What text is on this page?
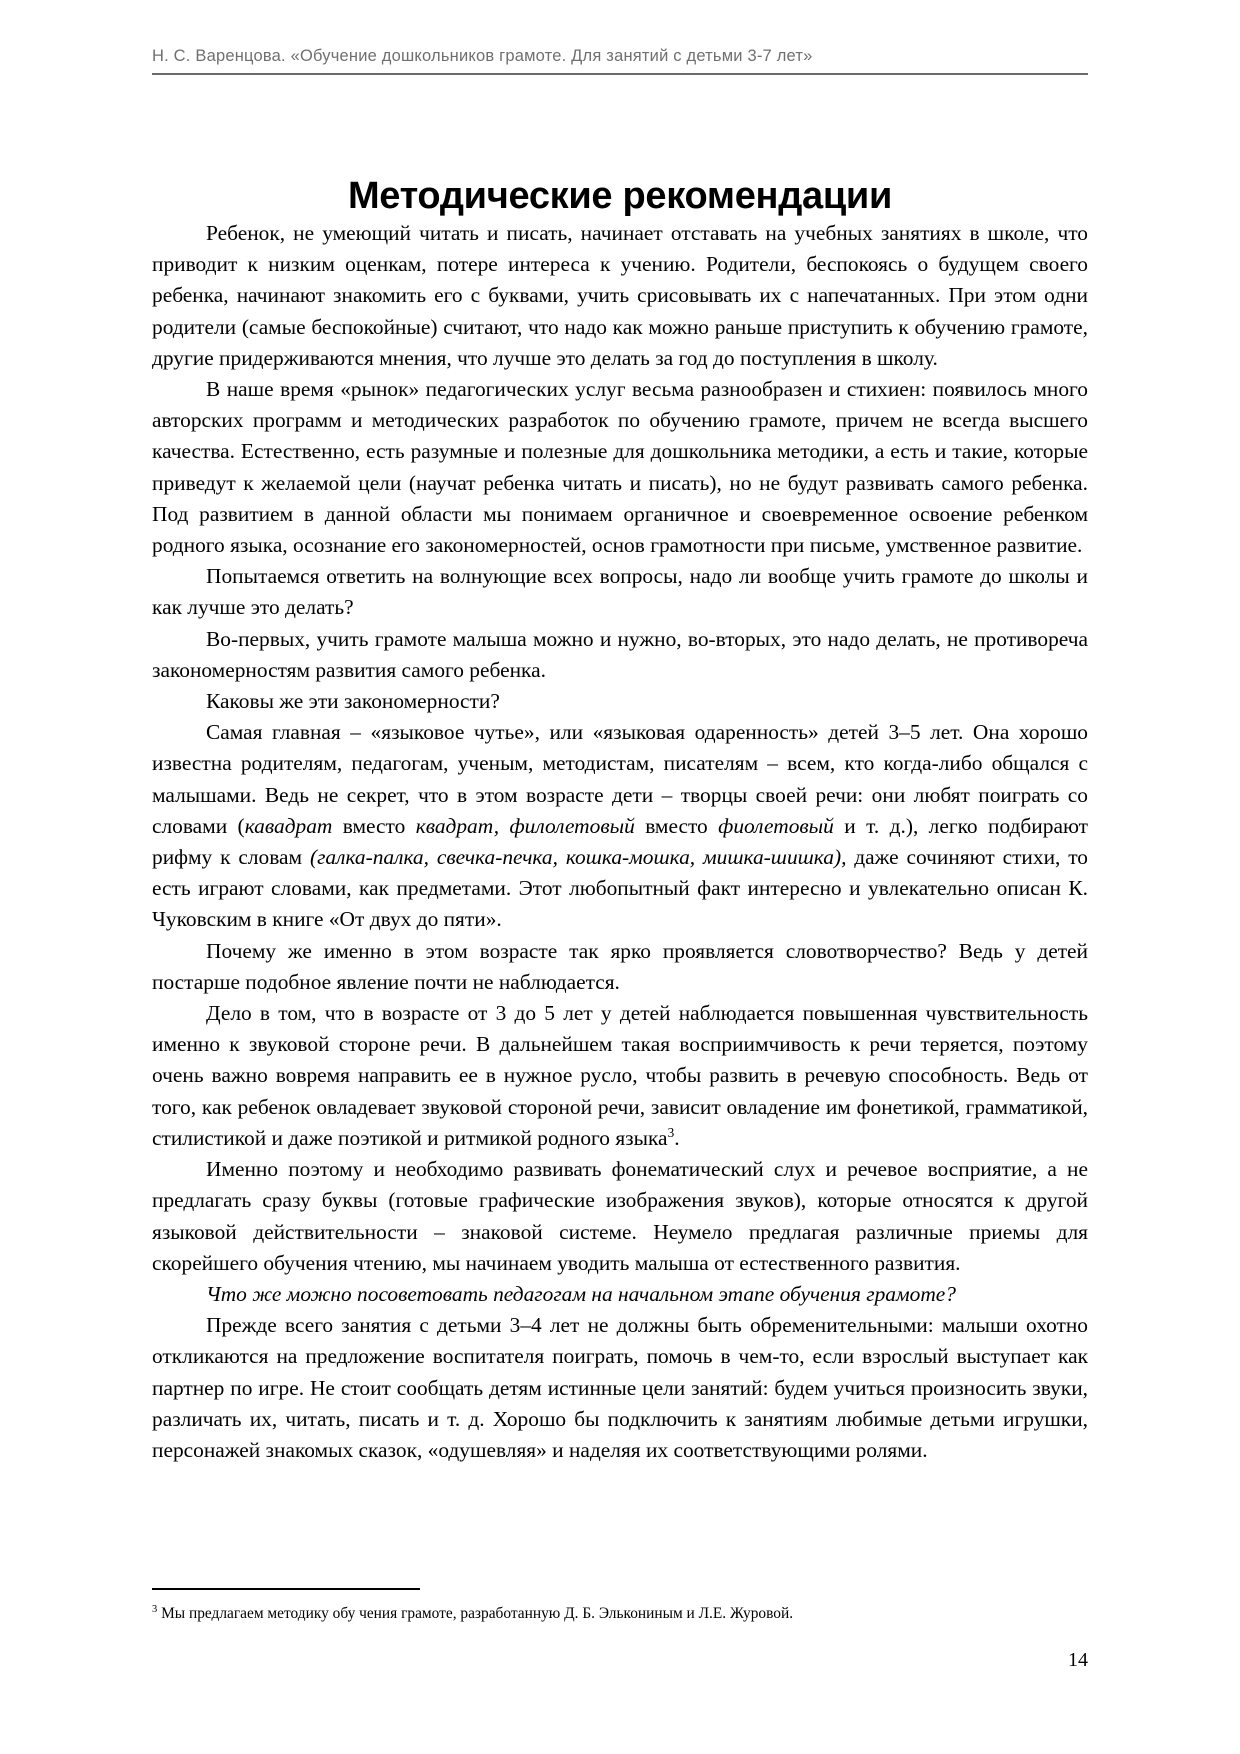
Н. С. Варенцова. «Обучение дошкольников грамоте. Для занятий с детьми 3-7 лет»
Методические рекомендации

Ребенок, не умеющий читать и писать, начинает отставать на учебных занятиях в школе, что приводит к низким оценкам, потере интереса к учению. Родители, беспокоясь о будущем своего ребенка, начинают знакомить его с буквами, учить срисовывать их с напечатанных. При этом одни родители (самые беспокойные) считают, что надо как можно раньше приступить к обучению грамоте, другие придерживаются мнения, что лучше это делать за год до поступления в школу.

В наше время «рынок» педагогических услуг весьма разнообразен и стихиен: появилось много авторских программ и методических разработок по обучению грамоте, причем не всегда высшего качества. Естественно, есть разумные и полезные для дошкольника методики, а есть и такие, которые приведут к желаемой цели (научат ребенка читать и писать), но не будут развивать самого ребенка. Под развитием в данной области мы понимаем органичное и своевременное освоение ребенком родного языка, осознание его закономерностей, основ грамотности при письме, умственное развитие.

Попытаемся ответить на волнующие всех вопросы, надо ли вообще учить грамоте до школы и как лучше это делать?

Во-первых, учить грамоте малыша можно и нужно, во-вторых, это надо делать, не противореча закономерностям развития самого ребенка.

Каковы же эти закономерности?

Самая главная – «языковое чутье», или «языковая одаренность» детей 3–5 лет. Она хорошо известна родителям, педагогам, ученым, методистам, писателям – всем, кто когда-либо общался с малышами. Ведь не секрет, что в этом возрасте дети – творцы своей речи: они любят поиграть со словами (кавадрат вместо квадрат, филолетовый вместо фиолетовый и т. д.), легко подбирают рифму к словам (галка-палка, свечка-печка, кошка-мошка, мишка-шишка), даже сочиняют стихи, то есть играют словами, как предметами. Этот любопытный факт интересно и увлекательно описан К. Чуковским в книге «От двух до пяти».

Почему же именно в этом возрасте так ярко проявляется словотворчество? Ведь у детей постарше подобное явление почти не наблюдается.

Дело в том, что в возрасте от 3 до 5 лет у детей наблюдается повышенная чувствительность именно к звуковой стороне речи. В дальнейшем такая восприимчивость к речи теряется, поэтому очень важно вовремя направить ее в нужное русло, чтобы развить в речевую способность. Ведь от того, как ребенок овладевает звуковой стороной речи, зависит овладение им фонетикой, грамматикой, стилистикой и даже поэтикой и ритмикой родного языка$^3$.

Именно поэтому и необходимо развивать фонематический слух и речевое восприятие, а не предлагать сразу буквы (готовые графические изображения звуков), которые относятся к другой языковой действительности – знаковой системе. Неумело предлагая различные приемы для скорейшего обучения чтению, мы начинаем уводить малыша от естественного развития.

Что же можно посоветовать педагогам на начальном этапе обучения грамоте?

Прежде всего занятия с детьми 3–4 лет не должны быть обременительными: малыши охотно откликаются на предложение воспитателя поиграть, помочь в чем-то, если взрослый выступает как партнер по игре. Не стоит сообщать детям истинные цели занятий: будем учиться произносить звуки, различать их, читать, писать и т. д. Хорошо бы подключить к занятиям любимые детьми игрушки, персонажей знакомых сказок, «одушевляя» и наделяя их соответствующими ролями.

$^3$ Мы предлагаем методику обу чения грамоте, разработанную Д. Б. Элькониным и Л.Е. Журовой.
14
